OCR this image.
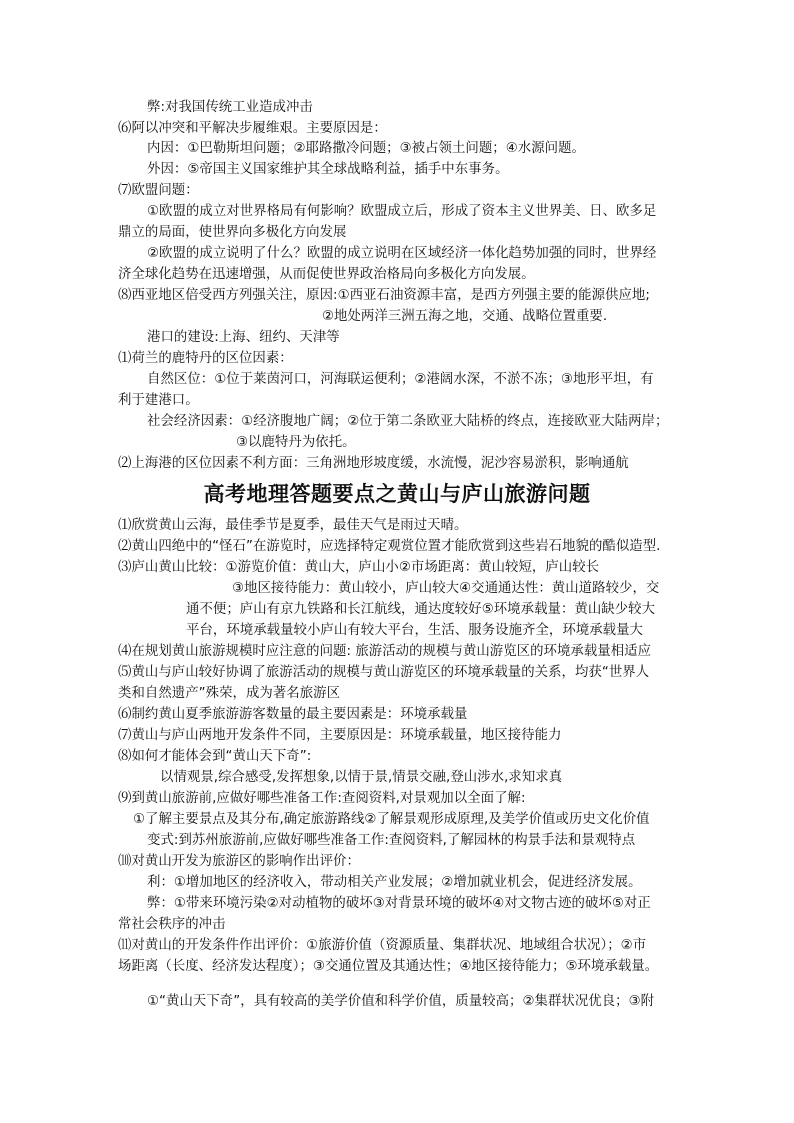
弊:对我国传统工业造成冲击
⑹阿以冲突和平解决步履维艰。主要原因是：
内因：①巴勒斯坦问题；②耶路撒冷问题；③被占领土问题；④水源问题。
外因：⑤帝国主义国家维护其全球战略利益，插手中东事务。
⑺欧盟问题：
①欧盟的成立对世界格局有何影响？欧盟成立后，形成了资本主义世界美、日、欧多足
鼎立的局面，使世界向多极化方向发展
②欧盟的成立说明了什么？欧盟的成立说明在区域经济一体化趋势加强的同时，世界经
济全球化趋势在迅速增强，从而促使世界政治格局向多极化方向发展。
⑻西亚地区倍受西方列强关注，原因:①西亚石油资源丰富，是西方列强主要的能源供应地;
②地处两洋三洲五海之地，交通、战略位置重要.
港口的建设:上海、纽约、天津等
⑴荷兰的鹿特丹的区位因素：
自然区位：①位于莱茵河口，河海联运便利；②港阔水深，不淤不冻；③地形平坦，有
利于建港口。
社会经济因素：①经济腹地广阔；②位于第二条欧亚大陆桥的终点，连接欧亚大陆两岸；
③以鹿特丹为依托。
⑵上海港的区位因素不利方面：三角洲地形坡度缓，水流慢，泥沙容易淤积，影响通航
高考地理答题要点之黄山与庐山旅游问题
⑴欣赏黄山云海，最佳季节是夏季，最佳天气是雨过天晴。
⑵黄山四绝中的“怪石”在游览时，应选择特定观赏位置才能欣赏到这些岩石地貌的酷似造型.
⑶庐山黄山比较：①游览价值：黄山大，庐山小②市场距离：黄山较短，庐山较长
③地区接待能力：黄山较小，庐山较大④交通通达性：黄山道路较少，交
通不便；庐山有京九铁路和长江航线，通达度较好⑤环境承载量：黄山缺少较大
平台，环境承载量较小庐山有较大平台，生活、服务设施齐全，环境承载量大
⑷在规划黄山旅游规模时应注意的问题: 旅游活动的规模与黄山游览区的环境承载量相适应
⑸黄山与庐山较好协调了旅游活动的规模与黄山游览区的环境承载量的关系，均获“世界人
类和自然遗产”殊荣，成为著名旅游区
⑹制约黄山夏季旅游游客数量的最主要因素是：环境承载量
⑺黄山与庐山两地开发条件不同，主要原因是：环境承载量，地区接待能力
⑻如何才能体会到“黄山天下奇”:
以情观景,综合感受,发挥想象,以情于景,情景交融,登山涉水,求知求真
⑼到黄山旅游前,应做好哪些准备工作:查阅资料,对景观加以全面了解:
①了解主要景点及其分布,确定旅游路线②了解景观形成原理,及美学价值或历史文化价值
变式:到苏州旅游前,应做好哪些准备工作:查阅资料,了解园林的构景手法和景观特点
⑽对黄山开发为旅游区的影响作出评价：
利：①增加地区的经济收入，带动相关产业发展；②增加就业机会，促进经济发展。
弊：①带来环境污染②对动植物的破坏③对背景环境的破坏④对文物古迹的破坏⑤对正
常社会秩序的冲击
⑾对黄山的开发条件作出评价：①旅游价值（资源质量、集群状况、地域组合状况）；②市
场距离（长度、经济发达程度）；③交通位置及其通达性；④地区接待能力；⑤环境承载量。
①“黄山天下奇”，具有较高的美学价值和科学价值，质量较高；②集群状况优良；③附
